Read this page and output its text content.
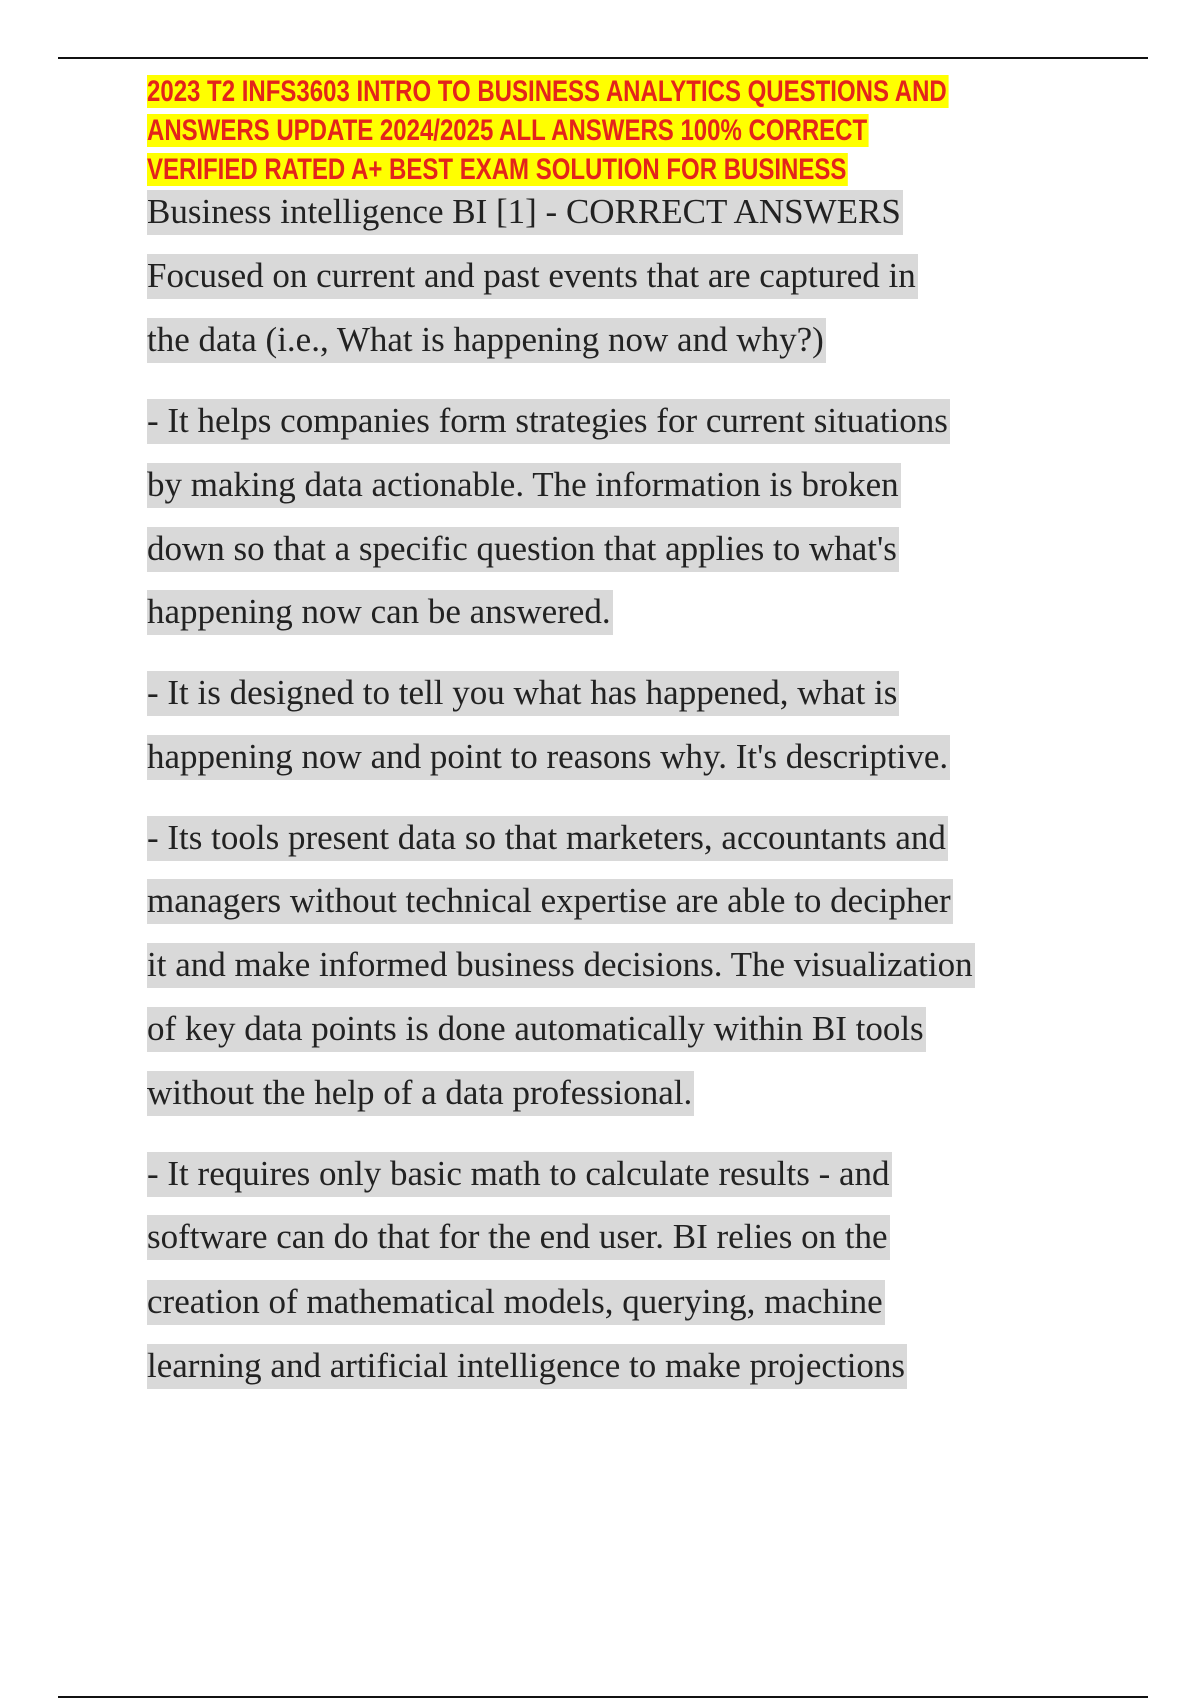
2023 T2 INFS3603 INTRO TO BUSINESS ANALYTICS QUESTIONS AND
ANSWERS UPDATE 2024/2025 ALL ANSWERS 100% CORRECT
VERIFIED RATED A+ BEST EXAM SOLUTION FOR BUSINESS
Business intelligence BI [1] - CORRECT ANSWERS
Focused on current and past events that are captured in
the data (i.e., What is happening now and why?)
- It helps companies form strategies for current situations
by making data actionable. The information is broken
down so that a specific question that applies to what's
happening now can be answered.
- It is designed to tell you what has happened, what is
happening now and point to reasons why. It's descriptive.
- Its tools present data so that marketers, accountants and
managers without technical expertise are able to decipher
it and make informed business decisions. The visualization
of key data points is done automatically within BI tools
without the help of a data professional.
- It requires only basic math to calculate results - and
software can do that for the end user. BI relies on the
creation of mathematical models, querying, machine
learning and artificial intelligence to make projections
